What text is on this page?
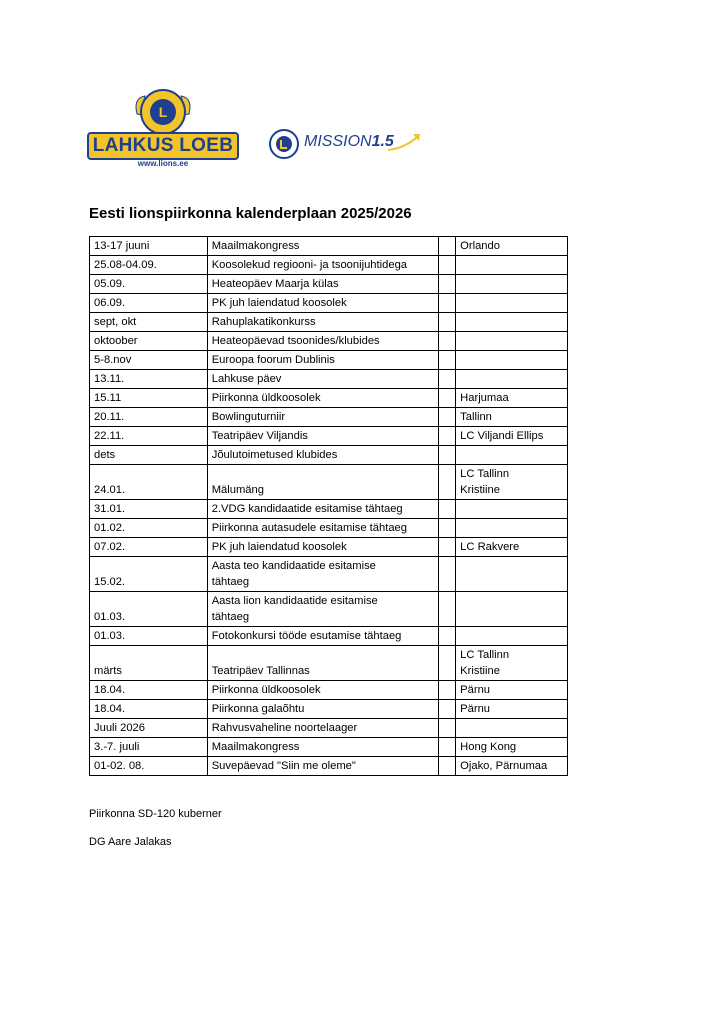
L
LAHKUS LOEB
www.lions.ee
MISSION1.5
Eesti lionspiirkonna kalenderplaan 2025/2026
13-17 juuni	Maailmakongress		Orlando
25.08-04.09.	Koosolekud regiooni- ja tsoonijuhtidega		
05.09.	Heateopäev Maarja külas		
06.09.	PK juh laiendatud koosolek		
sept, okt	Rahuplakatikonkurss		
oktoober	Heateopäevad tsoonides/klubides		
5-8.nov	Euroopa foorum Dublinis		
13.11.	Lahkuse päev		
15.11	Piirkonna üldkoosolek		Harjumaa
20.11.	Bowlinguturniir		Tallinn
22.11.	Teatripäev Viljandis		LC Viljandi Ellips
dets	Jõulutoimetused klubides		
24.01.	Mälumäng		LC Tallinn
Kristiine
31.01.	2.VDG kandidaatide esitamise tähtaeg		
01.02.	Piirkonna autasudele esitamise tähtaeg		
07.02.	PK juh laiendatud koosolek		LC Rakvere
15.02.	Aasta teo kandidaatide esitamise
tähtaeg		
01.03.	Aasta lion kandidaatide esitamise
tähtaeg		
01.03.	Fotokonkursi tööde esutamise tähtaeg		
märts	Teatripäev Tallinnas		LC Tallinn
Kristiine
18.04.	Piirkonna üldkoosolek		Pärnu
18.04.	Piirkonna galaõhtu		Pärnu
Juuli 2026	Rahvusvaheline noortelaager		
3.-7. juuli	Maailmakongress		Hong Kong
01-02. 08.	Suvepäevad "Siin me oleme"		Ojako, Pärnumaa

Piirkonna SD-120 kuberner

DG Aare Jalakas
